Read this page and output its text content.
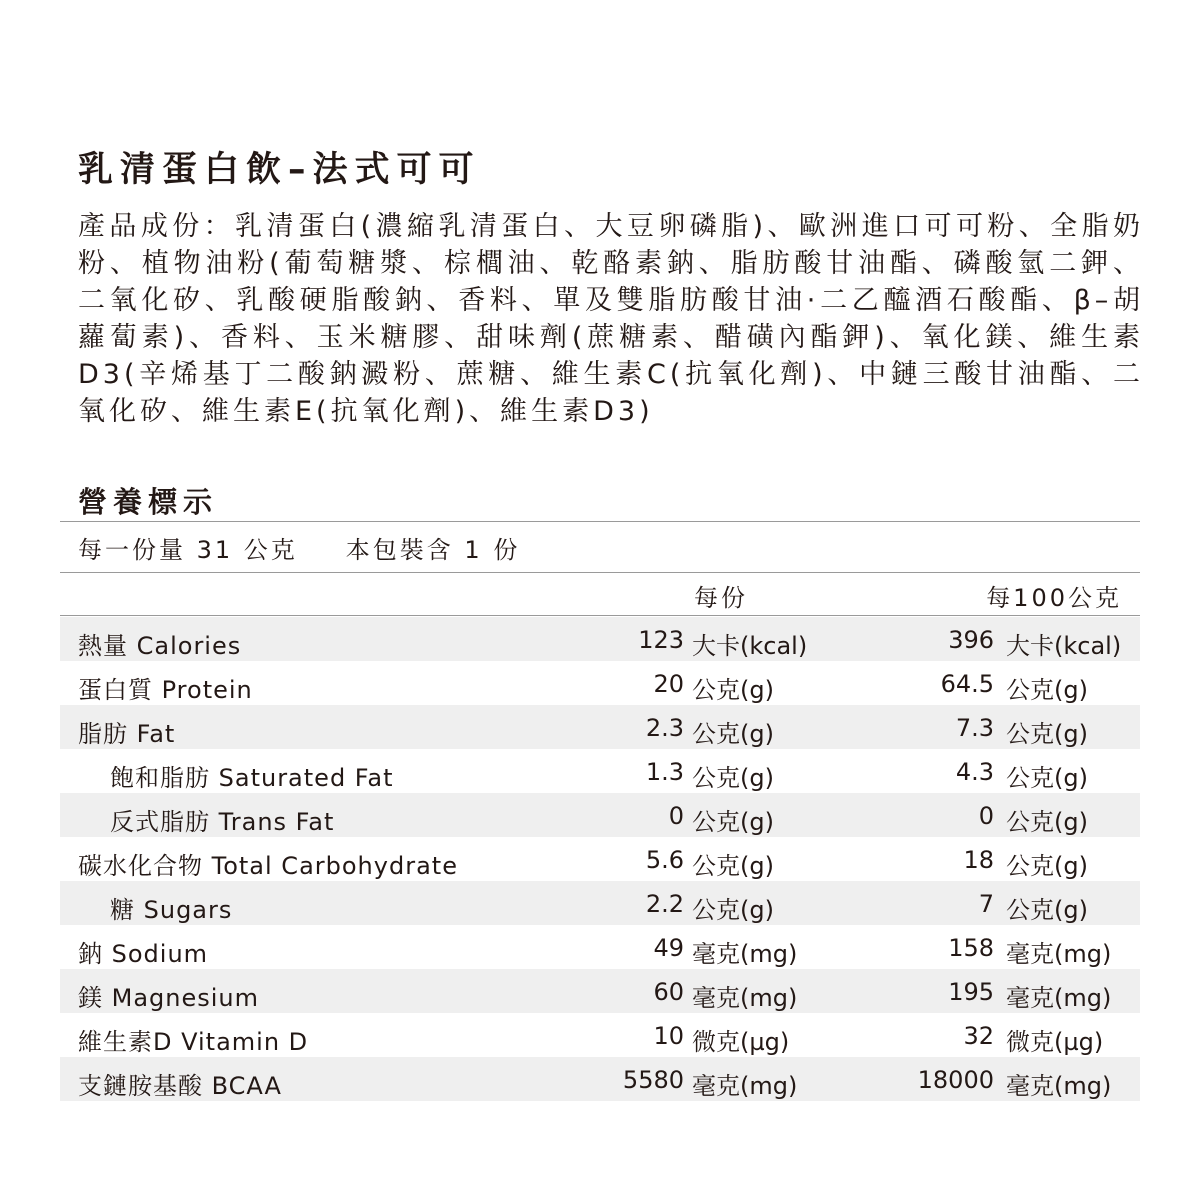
乳清蛋白飲–法式可可
產品成份：乳清蛋白(濃縮乳清蛋白、大豆卵磷脂)、歐洲進口可可粉、全脂奶粉、植物油粉(葡萄糖漿、棕櫚油、乾酪素鈉、脂肪酸甘油酯、磷酸氫二鉀、二氧化矽、乳酸硬脂酸鈉、香料、單及雙脂肪酸甘油·二乙醯酒石酸酯、β–胡蘿蔔素)、香料、玉米糖膠、甜味劑(蔗糖素、醋磺內酯鉀)、氧化鎂、維生素D3(辛烯基丁二酸鈉澱粉、蔗糖、維生素C(抗氧化劑)、中鏈三酸甘油酯、二氧化矽、維生素E(抗氧化劑)、維生素D3)
營養標示
每一份量 31 公克 本包裝含 1 份
每份	每100公克
熱量 Calories	123 大卡(kcal)	396 大卡(kcal)
蛋白質 Protein	20 公克(g)	64.5 公克(g)
脂肪 Fat	2.3 公克(g)	7.3 公克(g)
飽和脂肪 Saturated Fat	1.3 公克(g)	4.3 公克(g)
反式脂肪 Trans Fat	0 公克(g)	0 公克(g)
碳水化合物 Total Carbohydrate	5.6 公克(g)	18 公克(g)
糖 Sugars	2.2 公克(g)	7 公克(g)
鈉 Sodium	49 毫克(mg)	158 毫克(mg)
鎂 Magnesium	60 毫克(mg)	195 毫克(mg)
維生素D Vitamin D	10 微克(µg)	32 微克(µg)
支鏈胺基酸 BCAA	5580 毫克(mg)	18000 毫克(mg)
